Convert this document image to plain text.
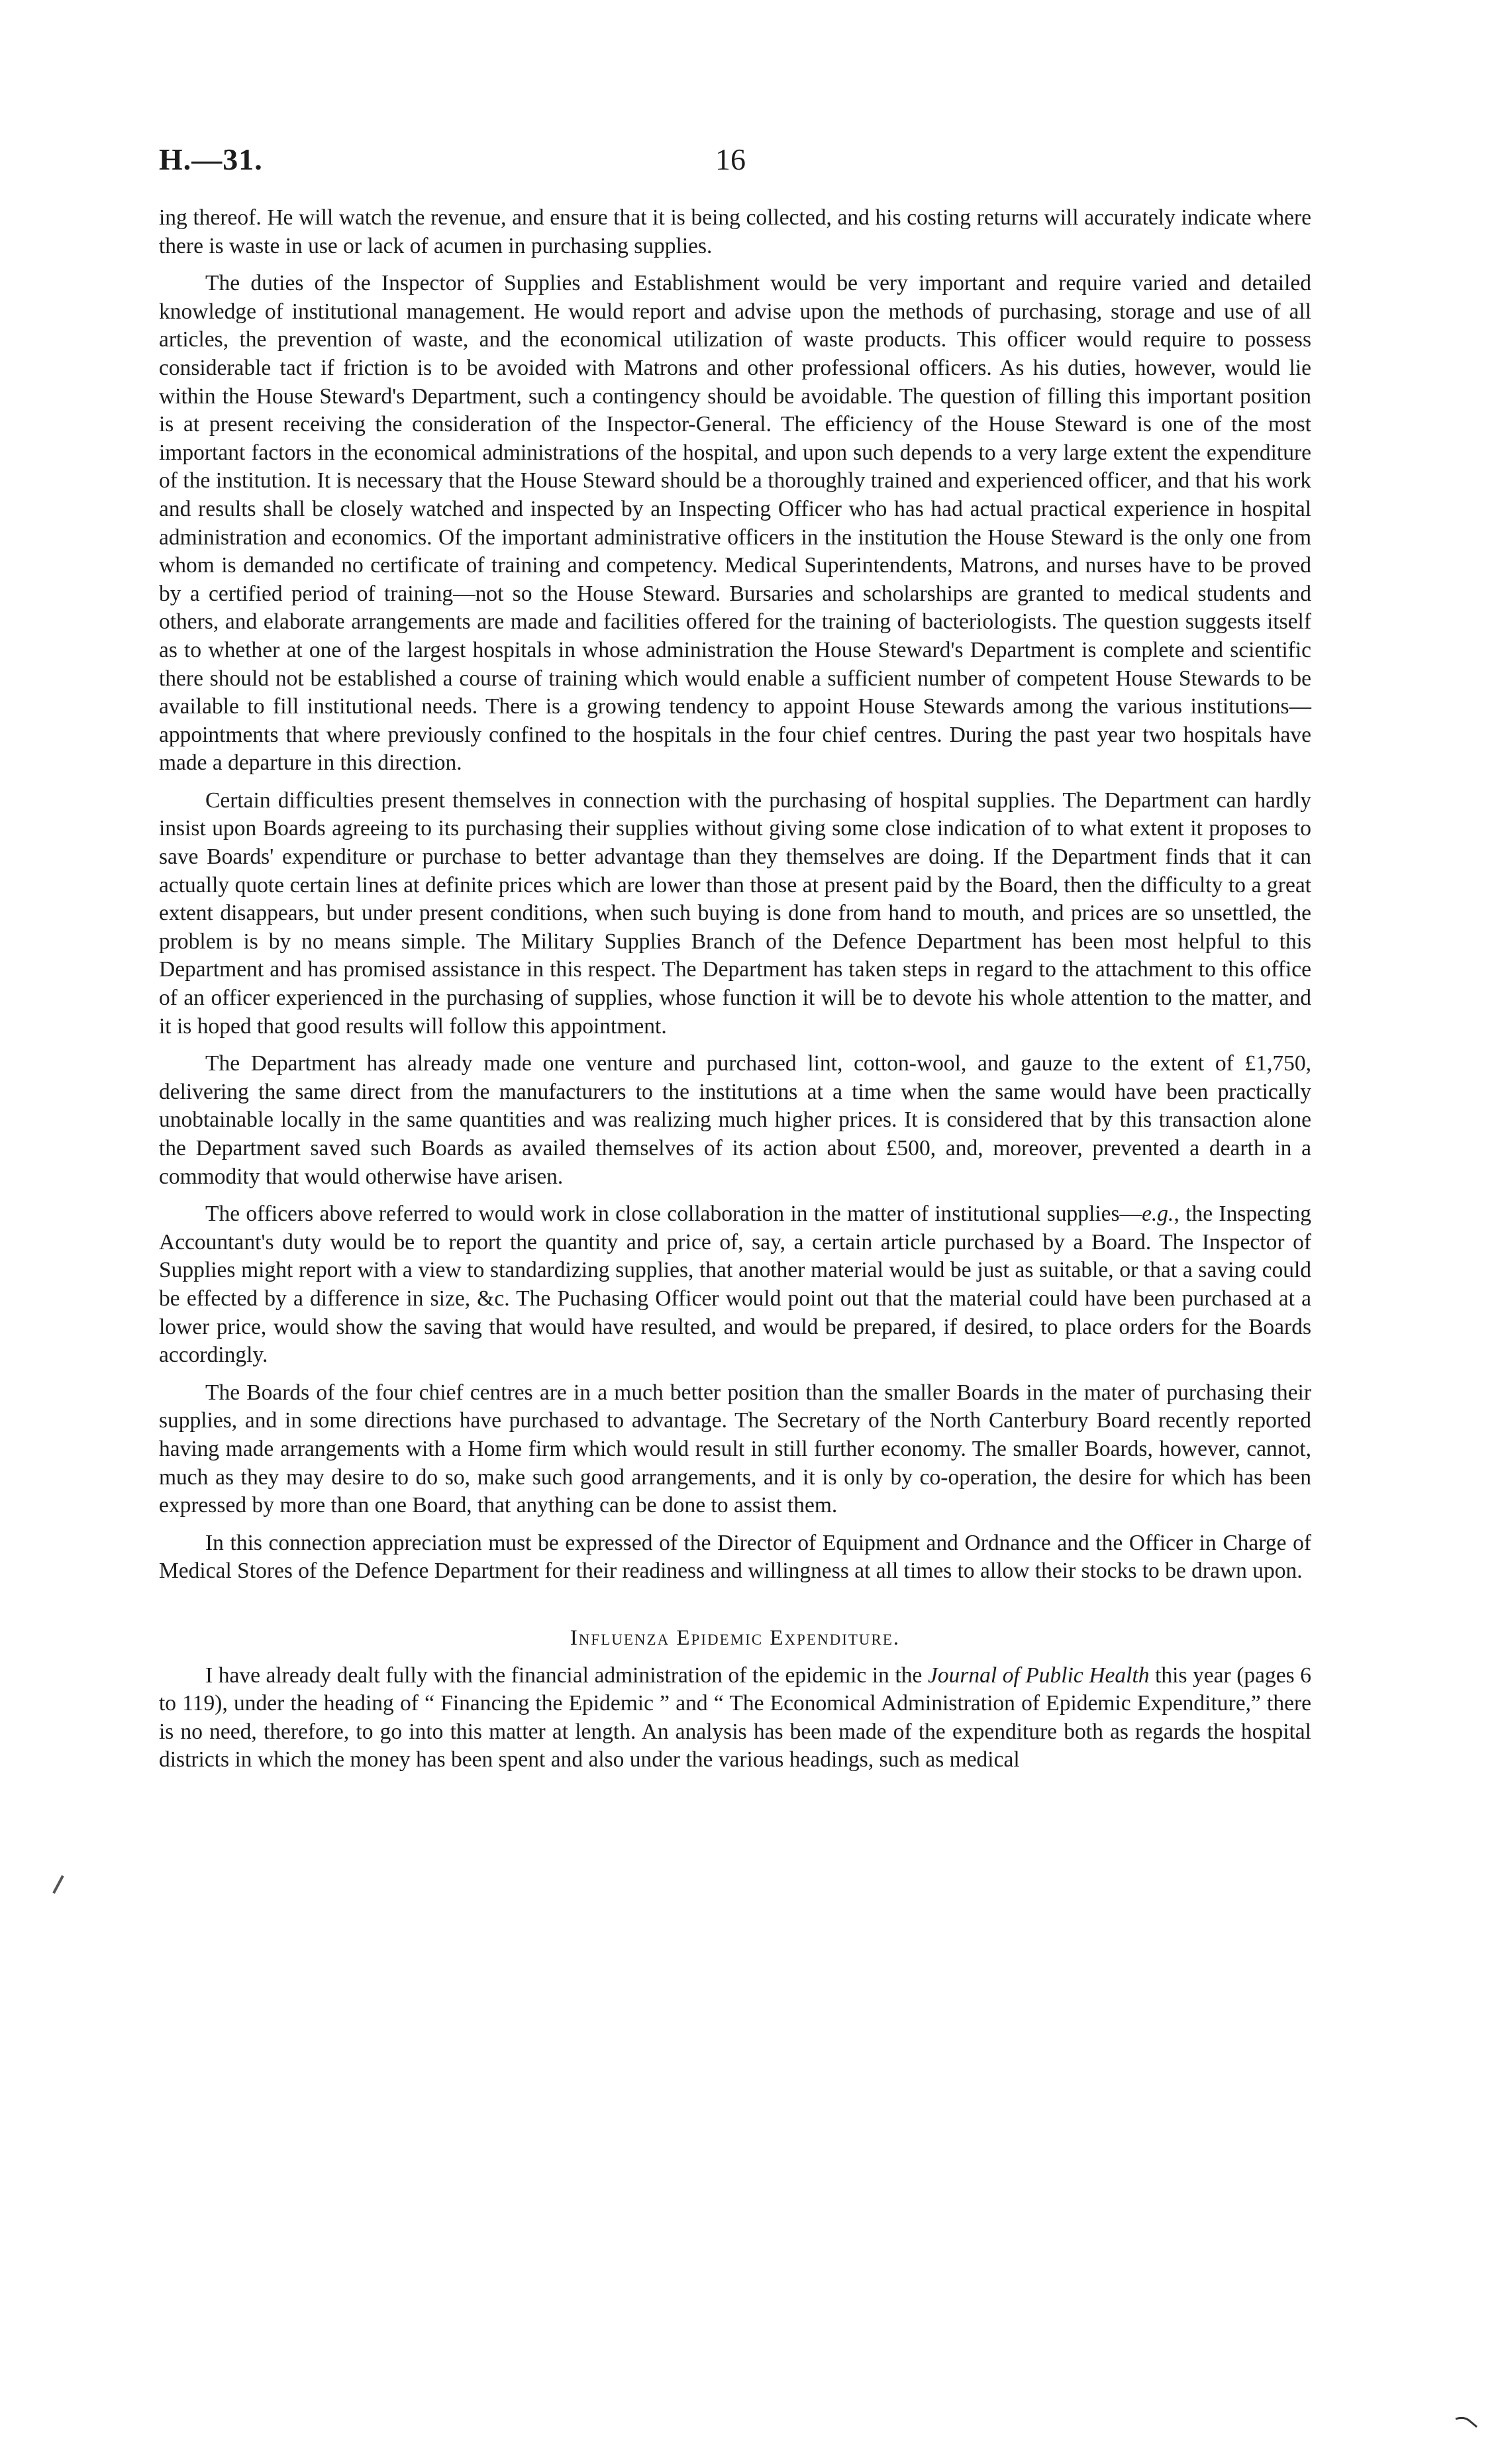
H.—31.	16

ing thereof. He will watch the revenue, and ensure that it is being collected, and his costing returns will accurately indicate where there is waste in use or lack of acumen in purchasing supplies.

The duties of the Inspector of Supplies and Establishment would be very important and require varied and detailed knowledge of institutional management. He would report and advise upon the methods of purchasing, storage and use of all articles, the prevention of waste, and the economical utilization of waste products. This officer would require to possess considerable tact if friction is to be avoided with Matrons and other professional officers. As his duties, however, would lie within the House Steward's Department, such a contingency should be avoidable. The question of filling this important position is at present receiving the consideration of the Inspector-General. The efficiency of the House Steward is one of the most important factors in the economical administrations of the hospital, and upon such depends to a very large extent the expenditure of the institution. It is necessary that the House Steward should be a thoroughly trained and experienced officer, and that his work and results shall be closely watched and inspected by an Inspecting Officer who has had actual practical experience in hospital administration and economics. Of the important administrative officers in the institution the House Steward is the only one from whom is demanded no certificate of training and competency. Medical Superintendents, Matrons, and nurses have to be proved by a certified period of training—not so the House Steward. Bursaries and scholarships are granted to medical students and others, and elaborate arrangements are made and facilities offered for the training of bacteriologists. The question suggests itself as to whether at one of the largest hospitals in whose administration the House Steward's Department is complete and scientific there should not be established a course of training which would enable a sufficient number of competent House Stewards to be available to fill institutional needs. There is a growing tendency to appoint House Stewards among the various institutions—appointments that where previously confined to the hospitals in the four chief centres. During the past year two hospitals have made a departure in this direction.

Certain difficulties present themselves in connection with the purchasing of hospital supplies. The Department can hardly insist upon Boards agreeing to its purchasing their supplies without giving some close indication of to what extent it proposes to save Boards' expenditure or purchase to better advantage than they themselves are doing. If the Department finds that it can actually quote certain lines at definite prices which are lower than those at present paid by the Board, then the difficulty to a great extent disappears, but under present conditions, when such buying is done from hand to mouth, and prices are so unsettled, the problem is by no means simple. The Military Supplies Branch of the Defence Department has been most helpful to this Department and has promised assistance in this respect. The Department has taken steps in regard to the attachment to this office of an officer experienced in the purchasing of supplies, whose function it will be to devote his whole attention to the matter, and it is hoped that good results will follow this appointment.

The Department has already made one venture and purchased lint, cotton-wool, and gauze to the extent of £1,750, delivering the same direct from the manufacturers to the institutions at a time when the same would have been practically unobtainable locally in the same quantities and was realizing much higher prices. It is considered that by this transaction alone the Department saved such Boards as availed themselves of its action about £500, and, moreover, prevented a dearth in a commodity that would otherwise have arisen.

The officers above referred to would work in close collaboration in the matter of institutional supplies—e.g., the Inspecting Accountant's duty would be to report the quantity and price of, say, a certain article purchased by a Board. The Inspector of Supplies might report with a view to standardizing supplies, that another material would be just as suitable, or that a saving could be effected by a difference in size, &c. The Puchasing Officer would point out that the material could have been purchased at a lower price, would show the saving that would have resulted, and would be prepared, if desired, to place orders for the Boards accordingly.

The Boards of the four chief centres are in a much better position than the smaller Boards in the mater of purchasing their supplies, and in some directions have purchased to advantage. The Secretary of the North Canterbury Board recently reported having made arrangements with a Home firm which would result in still further economy. The smaller Boards, however, cannot, much as they may desire to do so, make such good arrangements, and it is only by co-operation, the desire for which has been expressed by more than one Board, that anything can be done to assist them.

In this connection appreciation must be expressed of the Director of Equipment and Ordnance and the Officer in Charge of Medical Stores of the Defence Department for their readiness and willingness at all times to allow their stocks to be drawn upon.

Influenza Epidemic Expenditure.

I have already dealt fully with the financial administration of the epidemic in the Journal of Public Health this year (pages 6 to 119), under the heading of “ Financing the Epidemic ” and “ The Economical Administration of Epidemic Expenditure,” there is no need, therefore, to go into this matter at length. An analysis has been made of the expenditure both as regards the hospital districts in which the money has been spent and also under the various headings, such as medical
